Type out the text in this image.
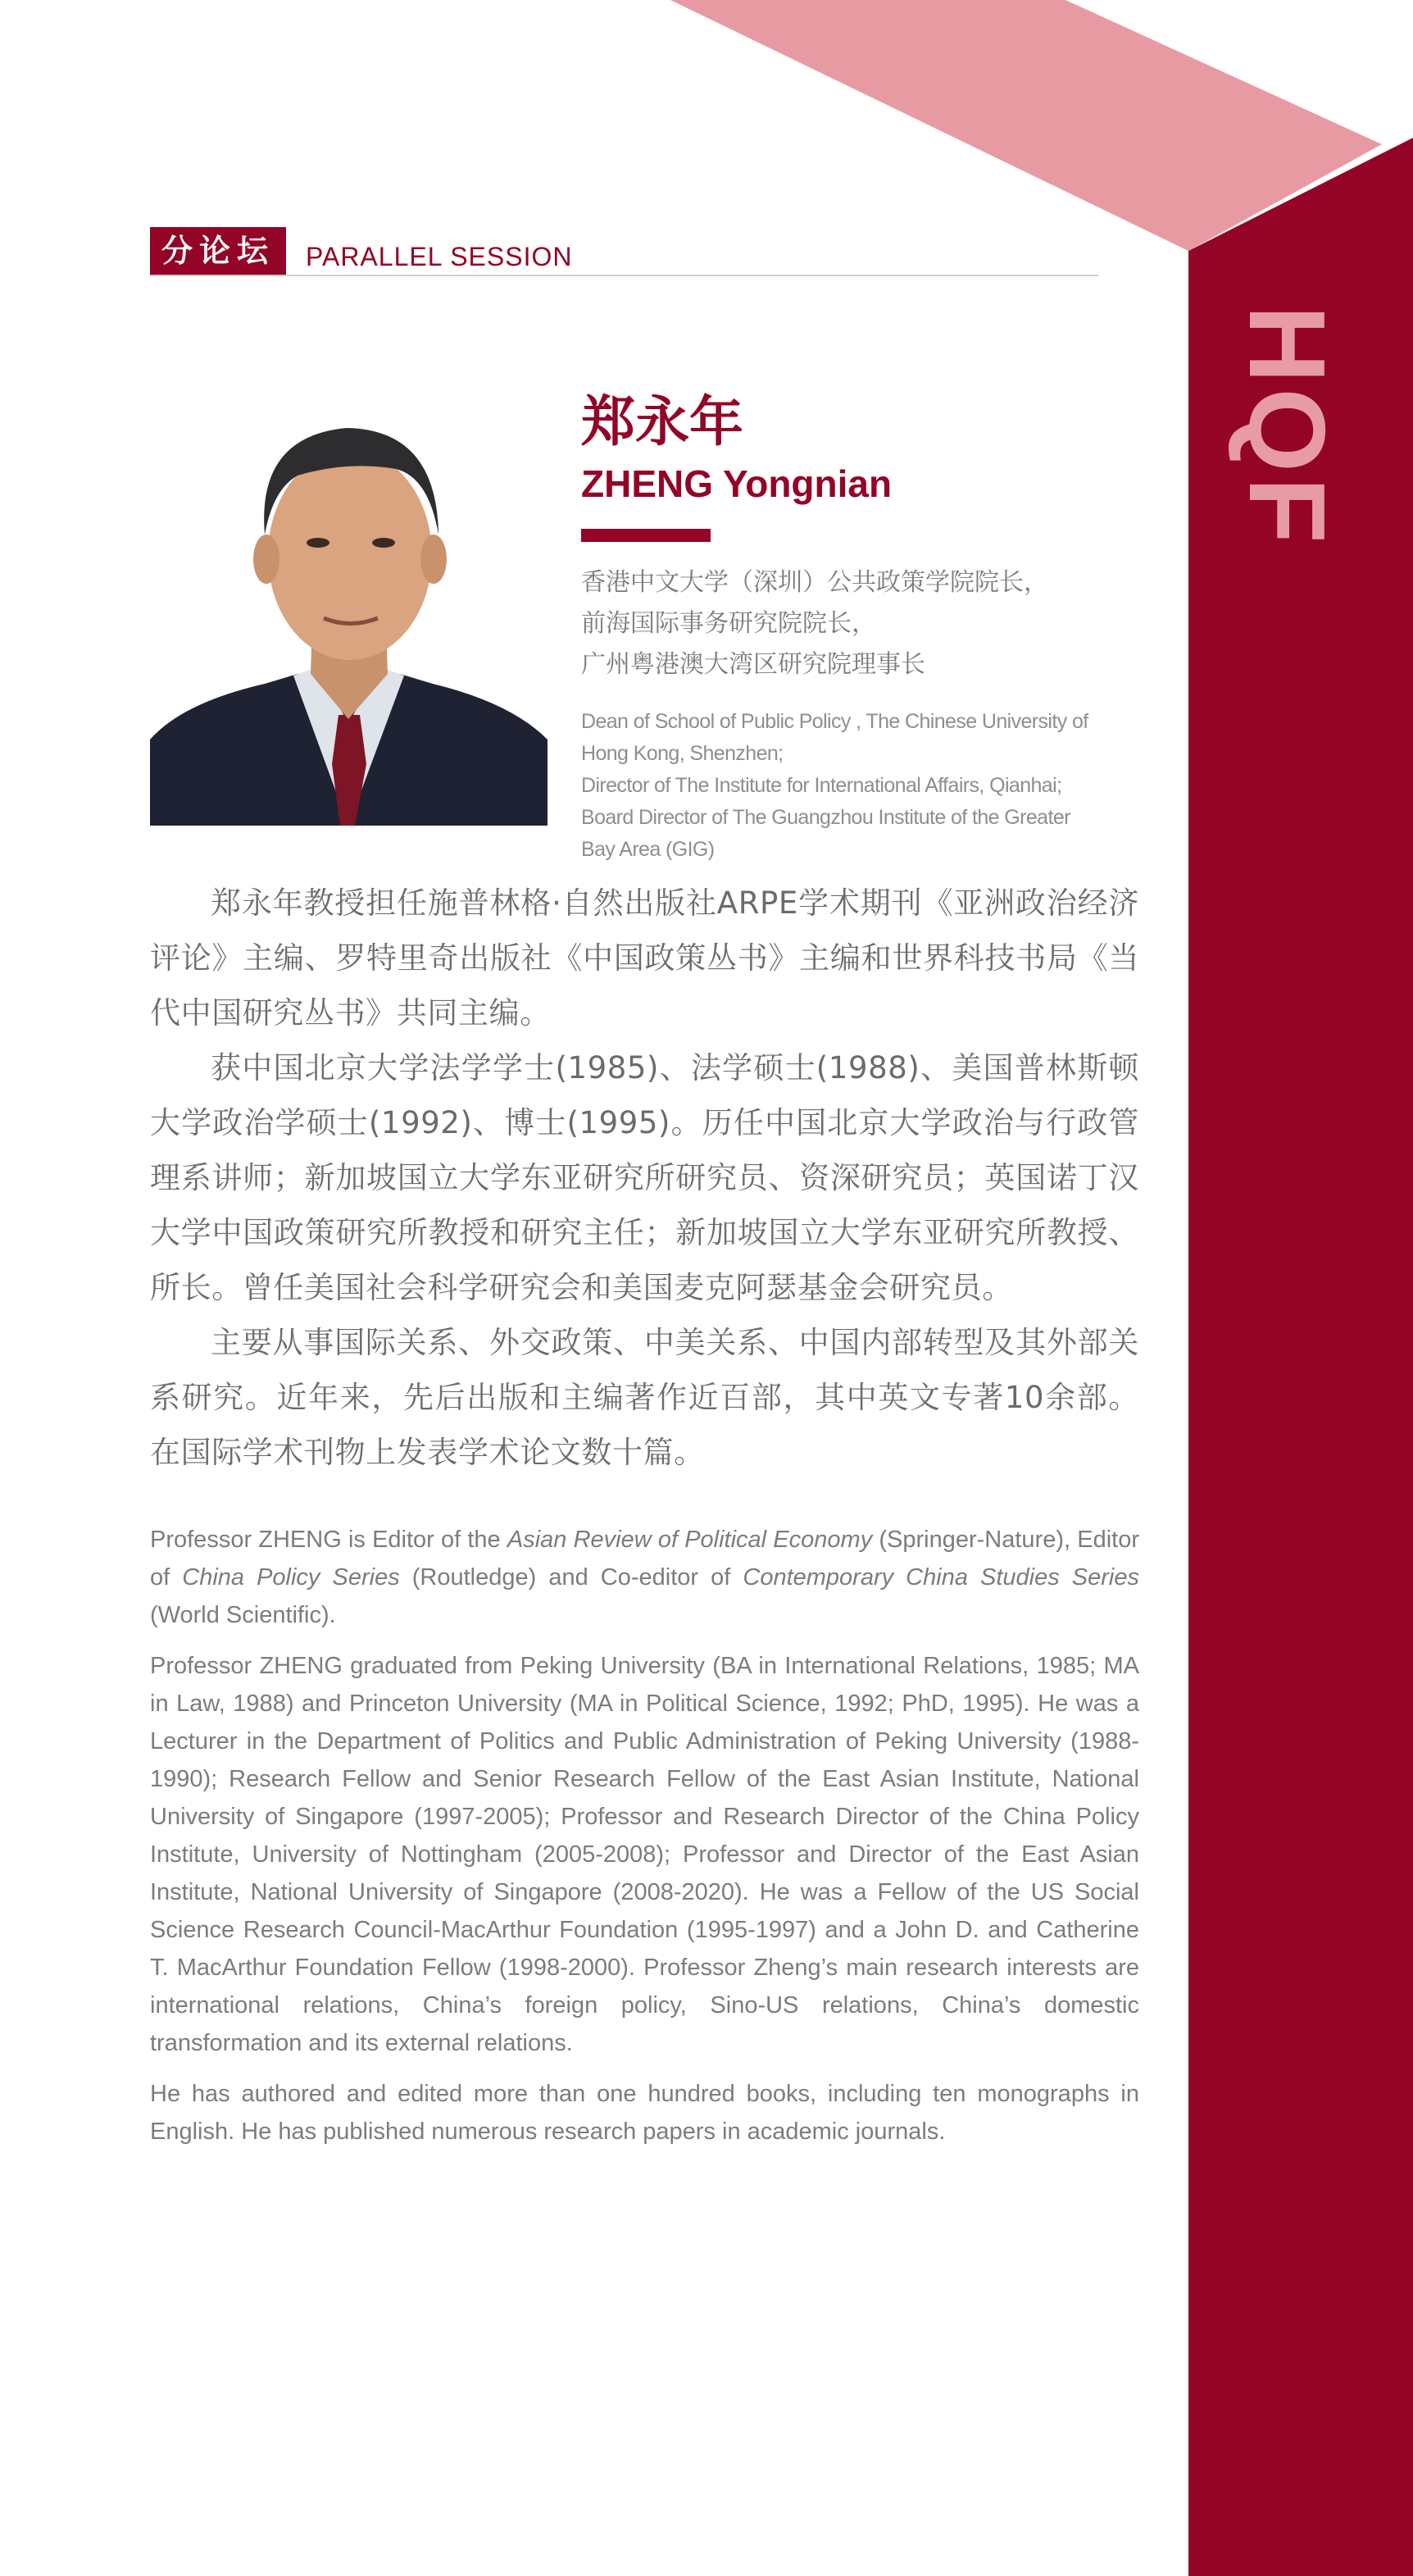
HQF
分论坛	PARALLEL SESSION
郑永年
ZHENG Yongnian
香港中文大学（深圳）公共政策学院院长，
前海国际事务研究院院长，
广州粤港澳大湾区研究院理事长
Dean of School of Public Policy , The Chinese University of
Hong Kong, Shenzhen;
Director of The Institute for International Affairs, Qianhai;
Board Director of The Guangzhou Institute of the Greater
Bay Area (GIG)

郑永年教授担任施普林格·自然出版社ARPE学术期刊《亚洲政治经济评论》主编、罗特里奇出版社《中国政策丛书》主编和世界科技书局《当代中国研究丛书》共同主编。

获中国北京大学法学学士(1985)、法学硕士(1988)、美国普林斯顿大学政治学硕士(1992)、博士(1995)。历任中国北京大学政治与行政管理系讲师；新加坡国立大学东亚研究所研究员、资深研究员；英国诺丁汉大学中国政策研究所教授和研究主任；新加坡国立大学东亚研究所教授、所长。曾任美国社会科学研究会和美国麦克阿瑟基金会研究员。

主要从事国际关系、外交政策、中美关系、中国内部转型及其外部关系研究。近年来，先后出版和主编著作近百部，其中英文专著10余部。在国际学术刊物上发表学术论文数十篇。

Professor ZHENG is Editor of the Asian Review of Political Economy (Springer-Nature), Editor of China Policy Series (Routledge) and Co-editor of Contemporary China Studies Series (World Scientific).

Professor ZHENG graduated from Peking University (BA in International Relations, 1985; MA in Law, 1988) and Princeton University (MA in Political Science, 1992; PhD, 1995). He was a Lecturer in the Department of Politics and Public Administration of Peking University (1988-1990); Research Fellow and Senior Research Fellow of the East Asian Institute, National University of Singapore (1997-2005); Professor and Research Director of the China Policy Institute, University of Nottingham (2005-2008); Professor and Director of the East Asian Institute, National University of Singapore (2008-2020). He was a Fellow of the US Social Science Research Council-MacArthur Foundation (1995-1997) and a John D. and Catherine T. MacArthur Foundation Fellow (1998-2000). Professor Zheng’s main research interests are international relations, China’s foreign policy, Sino-US relations, China’s domestic transformation and its external relations.

He has authored and edited more than one hundred books, including ten monographs in English. He has published numerous research papers in academic journals.
